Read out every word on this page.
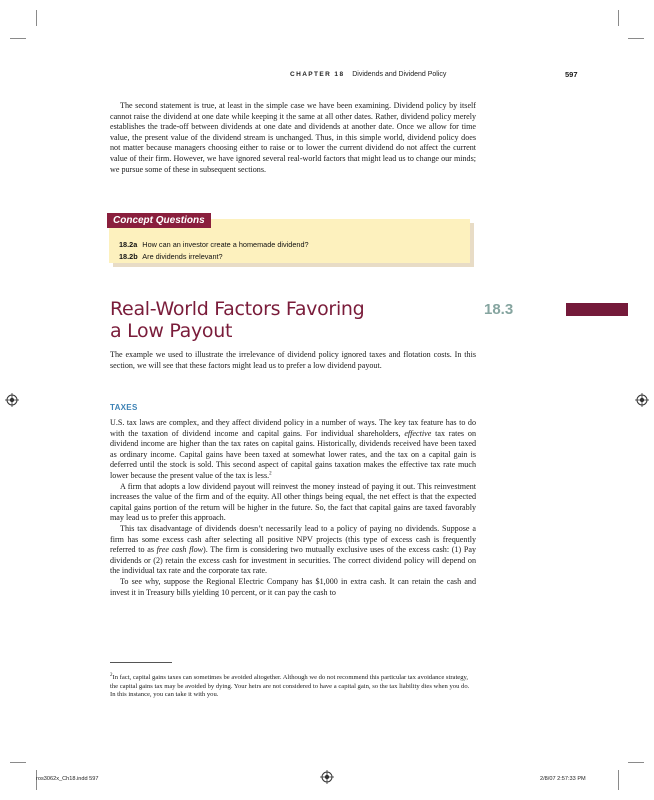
CHAPTER 18 Dividends and Dividend Policy	597

The second statement is true, at least in the simple case we have been examining. Dividend policy by itself cannot raise the dividend at one date while keeping it the same at all other dates. Rather, dividend policy merely establishes the trade-off between dividends at one date and dividends at another date. Once we allow for time value, the present value of the dividend stream is unchanged. Thus, in this simple world, dividend policy does not matter because managers choosing either to raise or to lower the current dividend do not affect the current value of their firm. However, we have ignored several real-world factors that might lead us to change our minds; we pursue some of these in subsequent sections.

Concept Questions
18.2a How can an investor create a homemade dividend?
18.2b Are dividends irrelevant?
Real-World Factors Favoring
a Low Payout
18.3

The example we used to illustrate the irrelevance of dividend policy ignored taxes and flotation costs. In this section, we will see that these factors might lead us to prefer a low dividend payout.

TAXES

U.S. tax laws are complex, and they affect dividend policy in a number of ways. The key tax feature has to do with the taxation of dividend income and capital gains. For individual shareholders, effective tax rates on dividend income are higher than the tax rates on capital gains. Historically, dividends received have been taxed as ordinary income. Capital gains have been taxed at somewhat lower rates, and the tax on a capital gain is deferred until the stock is sold. This second aspect of capital gains taxation makes the effective tax rate much lower because the present value of the tax is less.$^2$

A firm that adopts a low dividend payout will reinvest the money instead of paying it out. This reinvestment increases the value of the firm and of the equity. All other things being equal, the net effect is that the expected capital gains portion of the return will be higher in the future. So, the fact that capital gains are taxed favorably may lead us to prefer this approach.

This tax disadvantage of dividends doesn’t necessarily lead to a policy of paying no dividends. Suppose a firm has some excess cash after selecting all positive NPV projects (this type of excess cash is frequently referred to as free cash flow). The firm is considering two mutually exclusive uses of the excess cash: (1) Pay dividends or (2) retain the excess cash for investment in securities. The correct dividend policy will depend on the individual tax rate and the corporate tax rate.

To see why, suppose the Regional Electric Company has $1,000 in extra cash. It can retain the cash and invest it in Treasury bills yielding 10 percent, or it can pay the cash to

$^2$In fact, capital gains taxes can sometimes be avoided altogether. Although we do not recommend this particular tax avoidance strategy, the capital gains tax may be avoided by dying. Your heirs are not considered to have a capital gain, so the tax liability dies when you do. In this instance, you can take it with you.

ros3062x_Ch18.indd 597	2/8/07 2:57:33 PM
